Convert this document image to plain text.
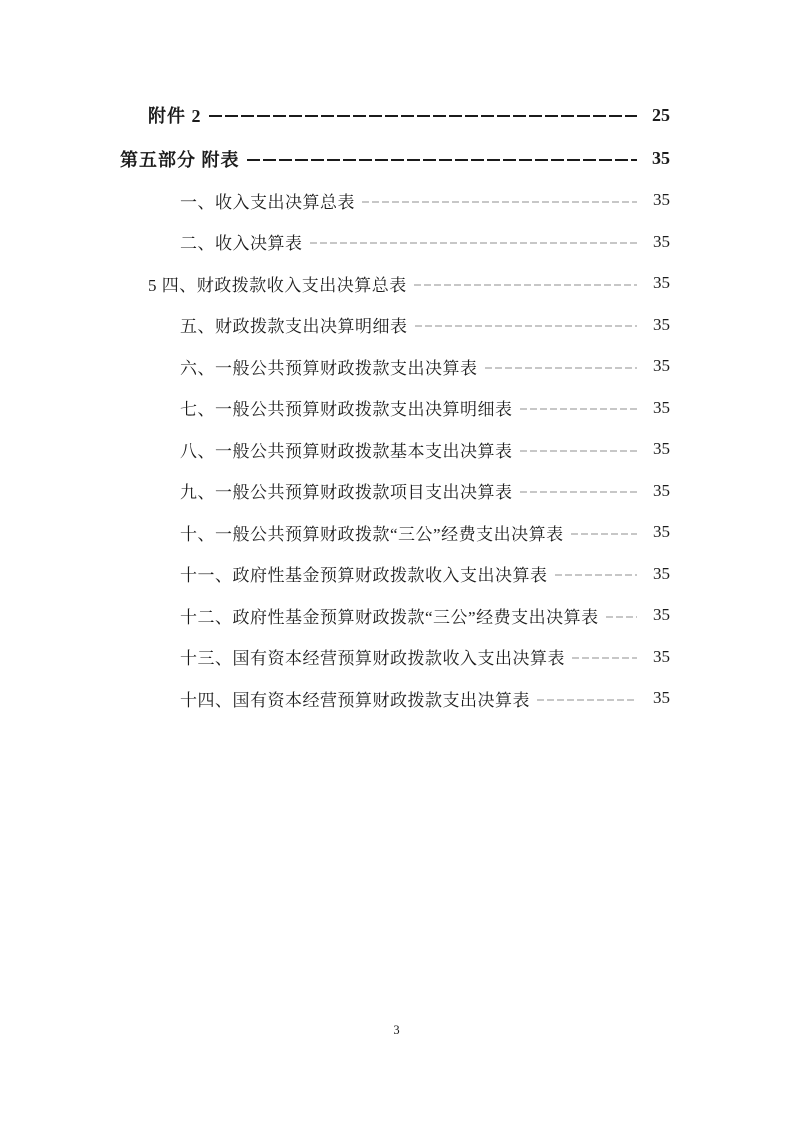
附件 2	25
第五部分 附表	35
一、收入支出决算总表	35
二、收入决算表	35
5 四、财政拨款收入支出决算总表	35
五、财政拨款支出决算明细表	35
六、一般公共预算财政拨款支出决算表	35
七、一般公共预算财政拨款支出决算明细表	35
八、一般公共预算财政拨款基本支出决算表	35
九、一般公共预算财政拨款项目支出决算表	35
十、一般公共预算财政拨款“三公”经费支出决算表	35
十一、政府性基金预算财政拨款收入支出决算表	35
十二、政府性基金预算财政拨款“三公”经费支出决算表	35
十三、国有资本经营预算财政拨款收入支出决算表	35
十四、国有资本经营预算财政拨款支出决算表	35
3
